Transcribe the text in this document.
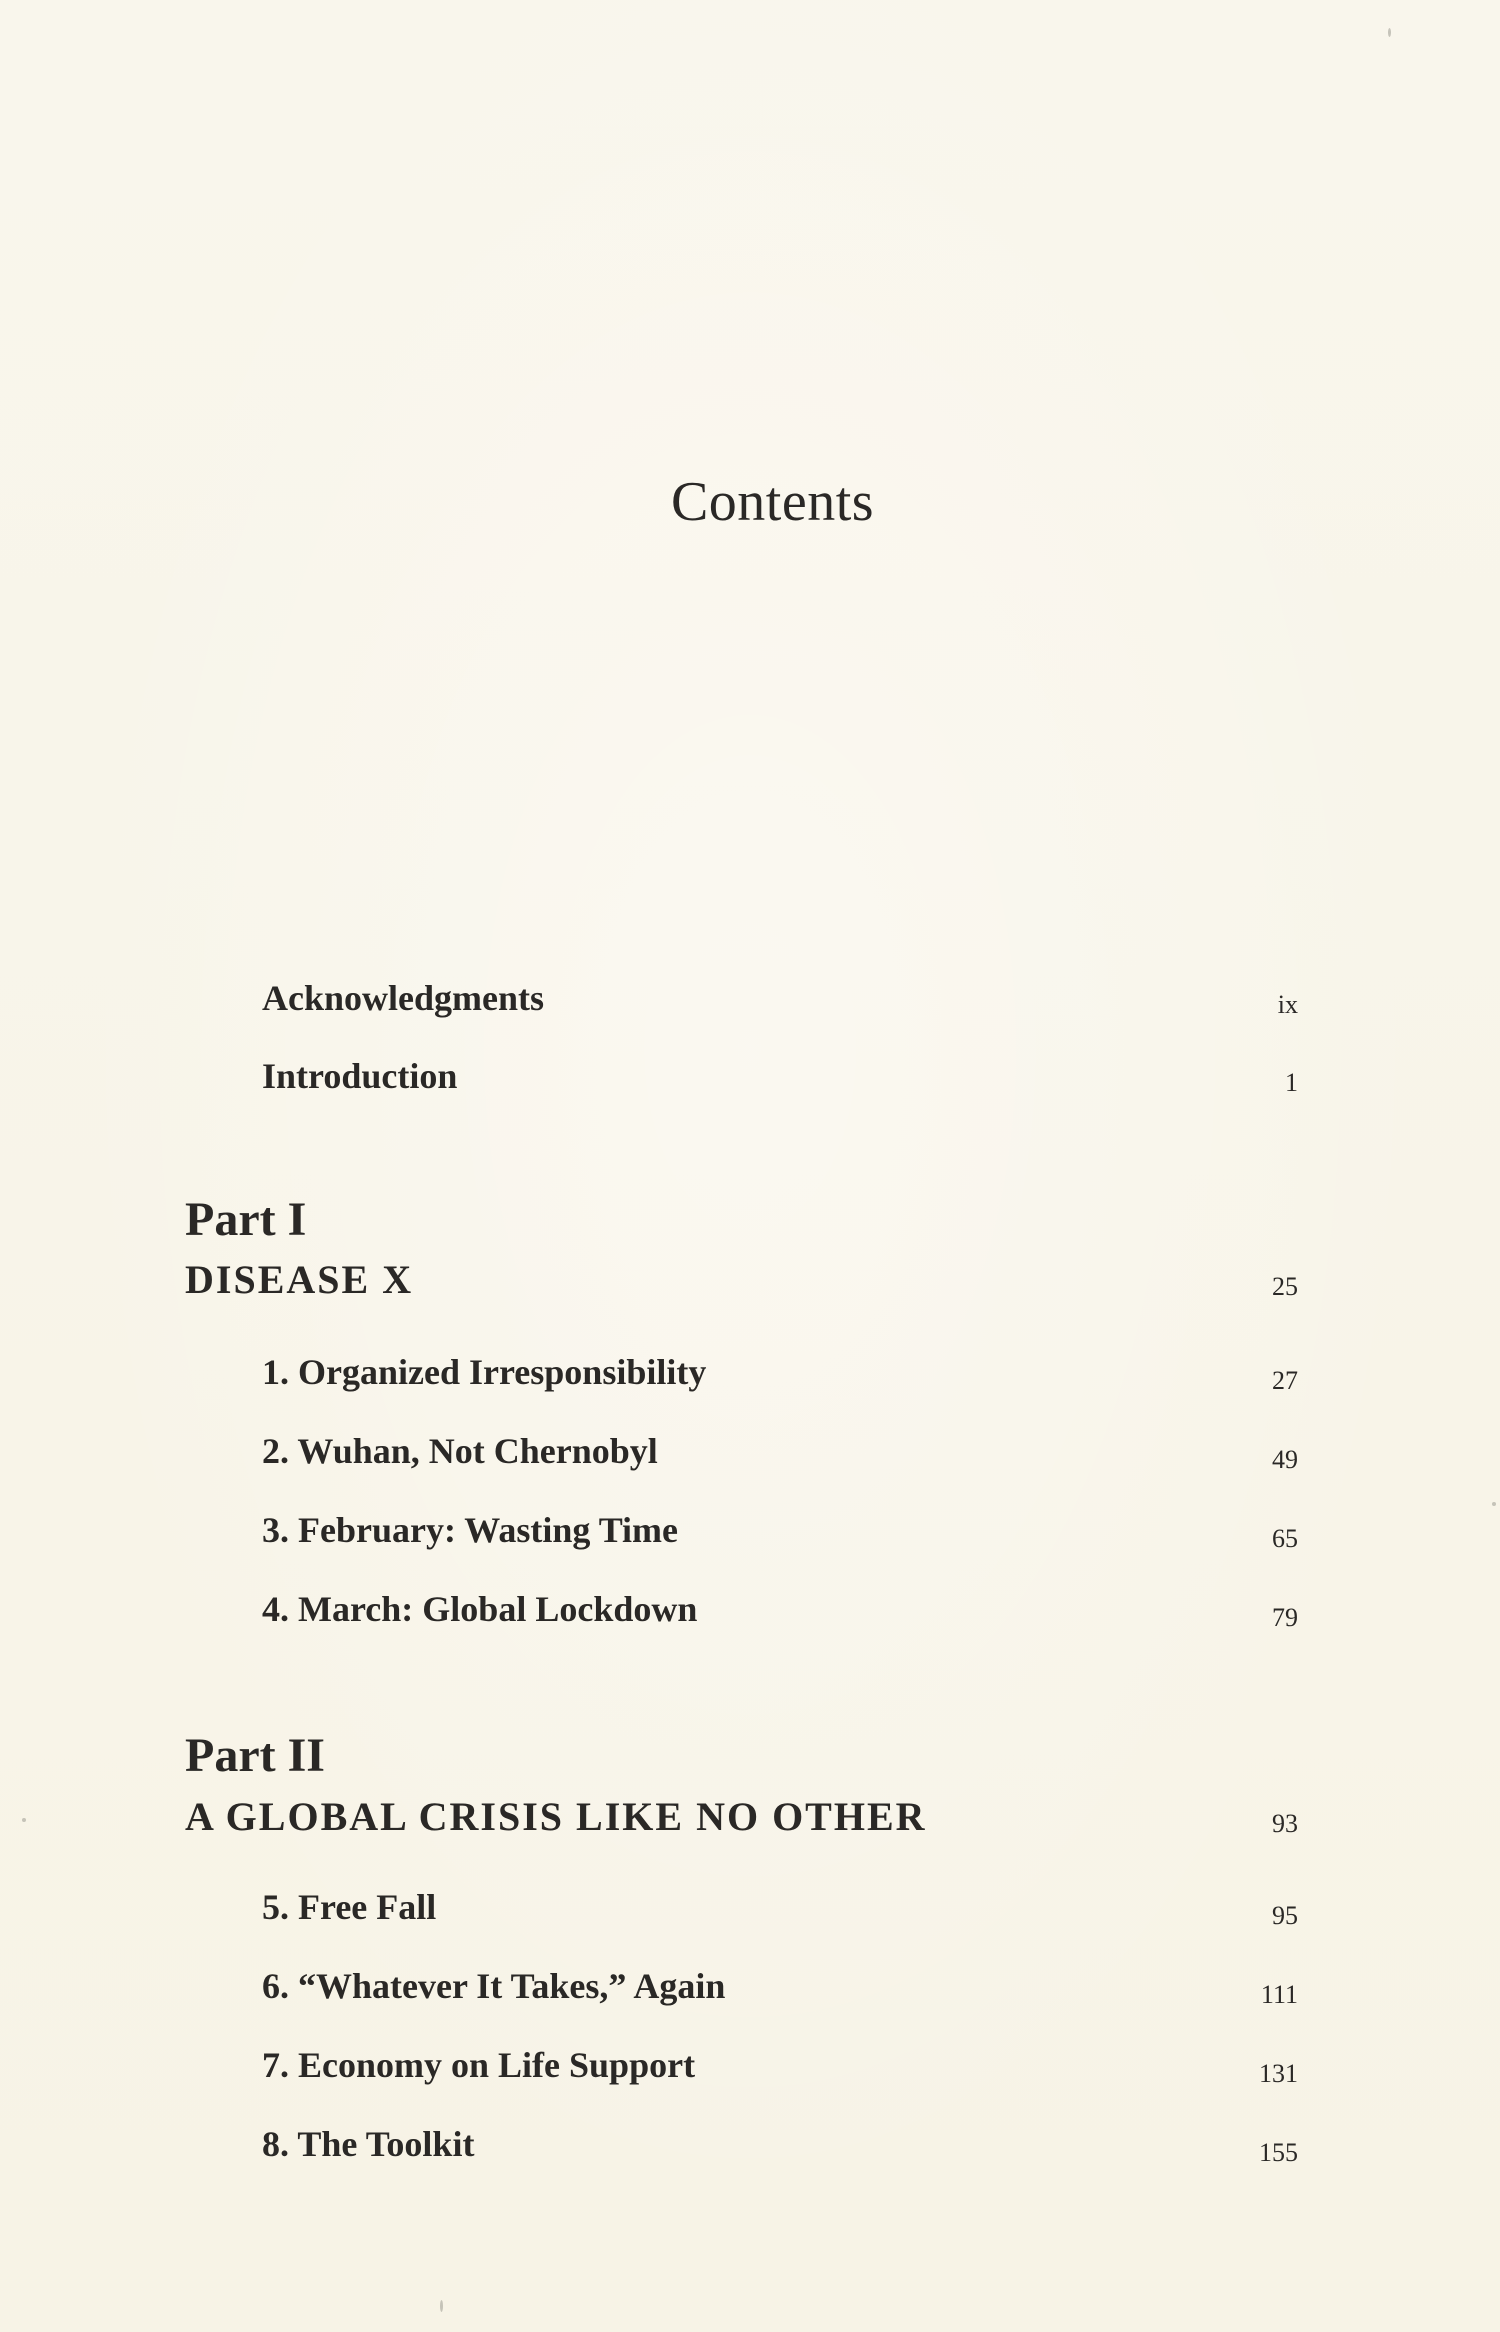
Contents
Acknowledgments	ix
Introduction	1
Part I
DISEASE X	25
1. Organized Irresponsibility	27
2. Wuhan, Not Chernobyl	49
3. February: Wasting Time	65
4. March: Global Lockdown	79
Part II
A GLOBAL CRISIS LIKE NO OTHER	93
5. Free Fall	95
6. “Whatever It Takes,” Again	111
7. Economy on Life Support	131
8. The Toolkit	155
